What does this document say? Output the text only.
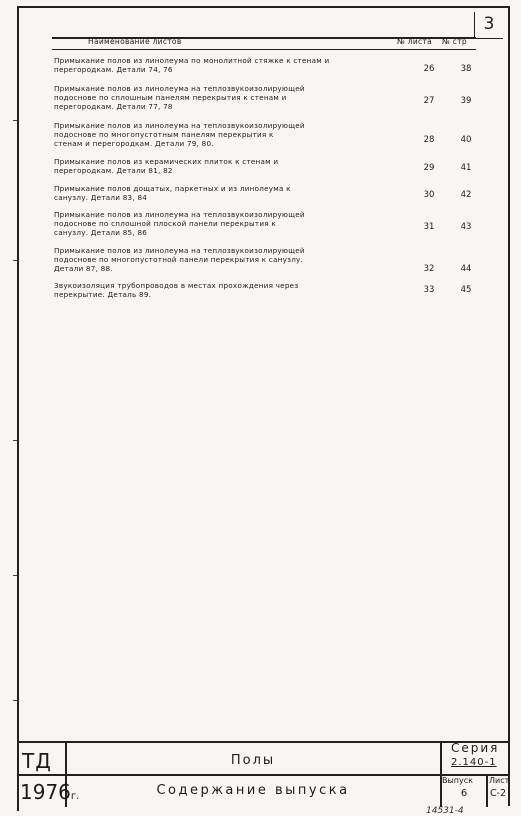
3
Наименование листов	№ листа № стр
Примыкание полов из линолеума по монолитной стяжке к стенам и
перегородкам. Детали 74, 76	26	38
Примыкание полов из линолеума на теплозвукоизолирующей
подоснове по сплошным панелям перекрытия к стенам и
перегородкам. Детали 77, 78
27	39
Примыкание полов из линолеума на теплозвукоизолирующей
подоснове по многопустотным панелям перекрытия к
стенам и перегородкам. Детали 79, 80.	28	40
Примыкание полов из керамических плиток к стенам и
перегородкам. Детали 81, 82	29	41
Примыкание полов дощатых, паркетных и из линолеума к
санузлу. Детали 83, 84	30	42
Примыкание полов из линолеума на теплозвукоизолирующей
подоснове по сплошной плоской панели перекрытия к
санузлу. Детали 85, 86
31	43
Примыкание полов из линолеума на теплозвукоизолирующей
подоснове по многопустотной панели перекрытия к санузлу.
Детали 87, 88.	32	44
Звукоизоляция трубопроводов в местах прохождения через
перекрытие. Деталь 89.	33	45
ТД
1976г.
Полы
Содержание выпуска
Серия
2.140-1
Выпуск
6
Лист
С-2
14531-4
